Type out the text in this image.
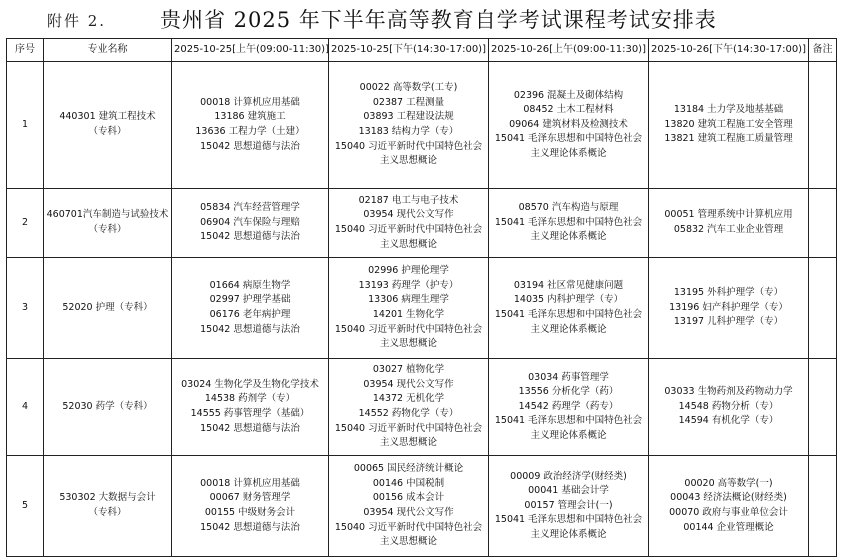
附件 2.	贵州省 2025 年下半年高等教育自学考试课程考试安排表
序号	专业名称	2025-10-25[上午(09:00-11:30)]	2025-10-25[下午(14:30-17:00)]	2025-10-26[上午(09:00-11:30)]	2025-10-26[下午(14:30-17:00)]	备注
1	440301 建筑工程技术
（专科）	00018 计算机应用基础
13186 建筑施工
13636 工程力学（土建）
15042 思想道德与法治	00022 高等数学(工专)
02387 工程测量
03893 工程建设法规
13183 结构力学（专）
15040 习近平新时代中国特色社会主义思想概论	02396 混凝土及砌体结构
08452 土木工程材料
09064 建筑材料及检测技术
15041 毛泽东思想和中国特色社会主义理论体系概论	13184 土力学及地基基础
13820 建筑工程施工安全管理
13821 建筑工程施工质量管理	

2	460701汽车制造与试验技术（专科）	05834 汽车经营管理学
06904 汽车保险与理赔
15042 思想道德与法治	02187 电工与电子技术
03954 现代公文写作
15040 习近平新时代中国特色社会主义思想概论	08570 汽车构造与原理
15041 毛泽东思想和中国特色社会主义理论体系概论	00051 管理系统中计算机应用
05832 汽车工业企业管理	

3	52020 护理（专科）	01664 病原生物学
02997 护理学基础
06176 老年病护理
15042 思想道德与法治	02996 护理伦理学
13193 药理学（护专）
13306 病理生理学
14201 生物化学
15040 习近平新时代中国特色社会主义思想概论	03194 社区常见健康问题
14035 内科护理学（专）
15041 毛泽东思想和中国特色社会主义理论体系概论	13195 外科护理学（专）
13196 妇产科护理学（专）
13197 儿科护理学（专）	

4	52030 药学（专科）	03024 生物化学及生物化学技术
14538 药剂学（专）
14555 药事管理学（基础）
15042 思想道德与法治	03027 植物化学
03954 现代公文写作
14372 无机化学
14552 药物化学（专）
15040 习近平新时代中国特色社会主义思想概论	03034 药事管理学
13556 分析化学（药）
14542 药理学（药专）
15041 毛泽东思想和中国特色社会主义理论体系概论	03033 生物药剂及药物动力学
14548 药物分析（专）
14594 有机化学（专）	

5	530302 大数据与会计
（专科）	00018 计算机应用基础
00067 财务管理学
00155 中级财务会计
15042 思想道德与法治	00065 国民经济统计概论
00146 中国税制
00156 成本会计
03954 现代公文写作
15040 习近平新时代中国特色社会主义思想概论	00009 政治经济学(财经类)
00041 基础会计学
00157 管理会计(一)
15041 毛泽东思想和中国特色社会主义理论体系概论	00020 高等数学(一)
00043 经济法概论(财经类)
00070 政府与事业单位会计
00144 企业管理概论	
